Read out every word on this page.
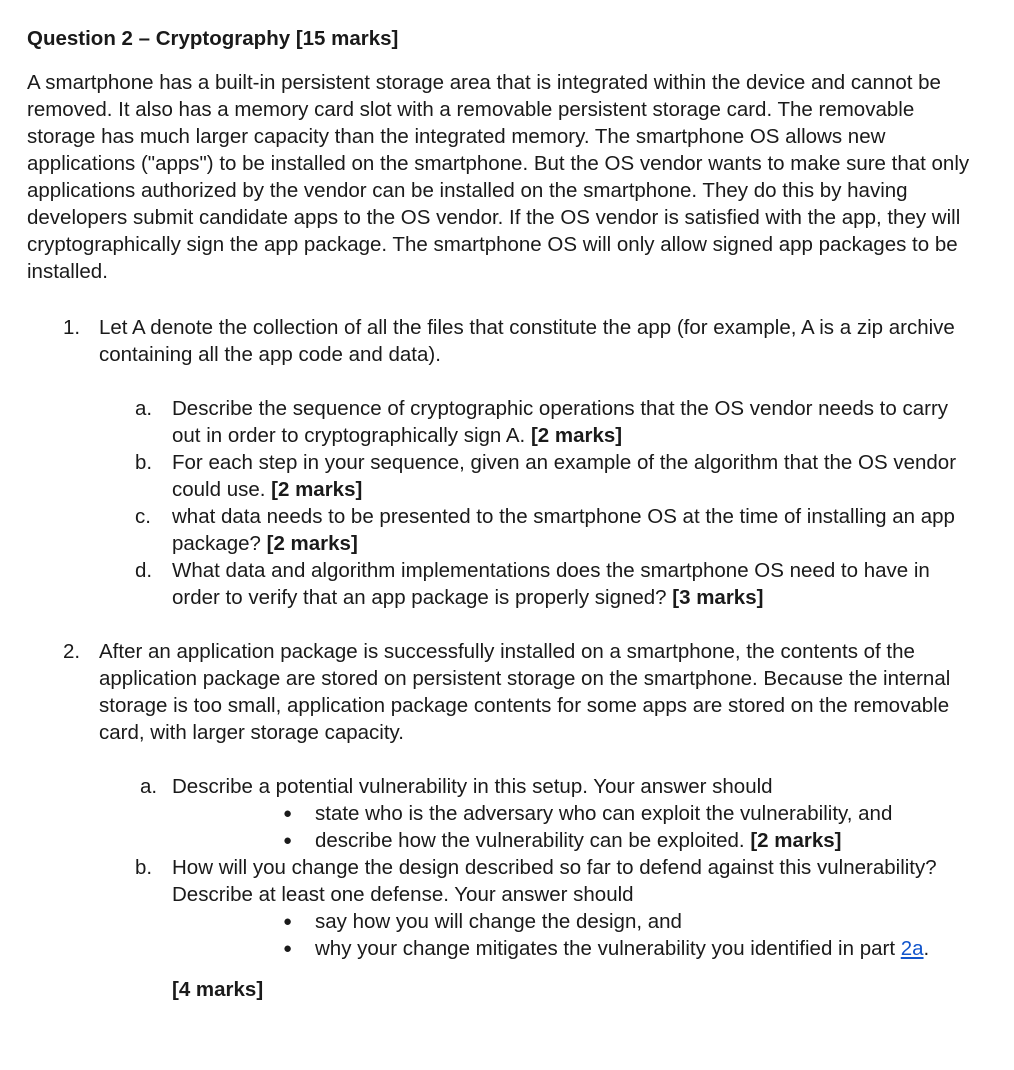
Question 2 – Cryptography [15 marks]

A smartphone has a built-in persistent storage area that is integrated within the device and cannot be removed. It also has a memory card slot with a removable persistent storage card. The removable storage has much larger capacity than the integrated memory. The smartphone OS allows new applications ("apps") to be installed on the smartphone. But the OS vendor wants to make sure that only applications authorized by the vendor can be installed on the smartphone. They do this by having developers submit candidate apps to the OS vendor. If the OS vendor is satisfied with the app, they will cryptographically sign the app package. The smartphone OS will only allow signed app packages to be installed.

1. Let A denote the collection of all the files that constitute the app (for example, A is a zip archive containing all the app code and data).
a. Describe the sequence of cryptographic operations that the OS vendor needs to carry out in order to cryptographically sign A. [2 marks]
b. For each step in your sequence, given an example of the algorithm that the OS vendor could use. [2 marks]
c. what data needs to be presented to the smartphone OS at the time of installing an app package? [2 marks]
d. What data and algorithm implementations does the smartphone OS need to have in order to verify that an app package is properly signed? [3 marks]
2. After an application package is successfully installed on a smartphone, the contents of the application package are stored on persistent storage on the smartphone. Because the internal storage is too small, application package contents for some apps are stored on the removable card, with larger storage capacity.
a. Describe a potential vulnerability in this setup. Your answer should
● state who is the adversary who can exploit the vulnerability, and
● describe how the vulnerability can be exploited. [2 marks]
b. How will you change the design described so far to defend against this vulnerability? Describe at least one defense. Your answer should
● say how you will change the design, and
● why your change mitigates the vulnerability you identified in part 2a.
[4 marks]
